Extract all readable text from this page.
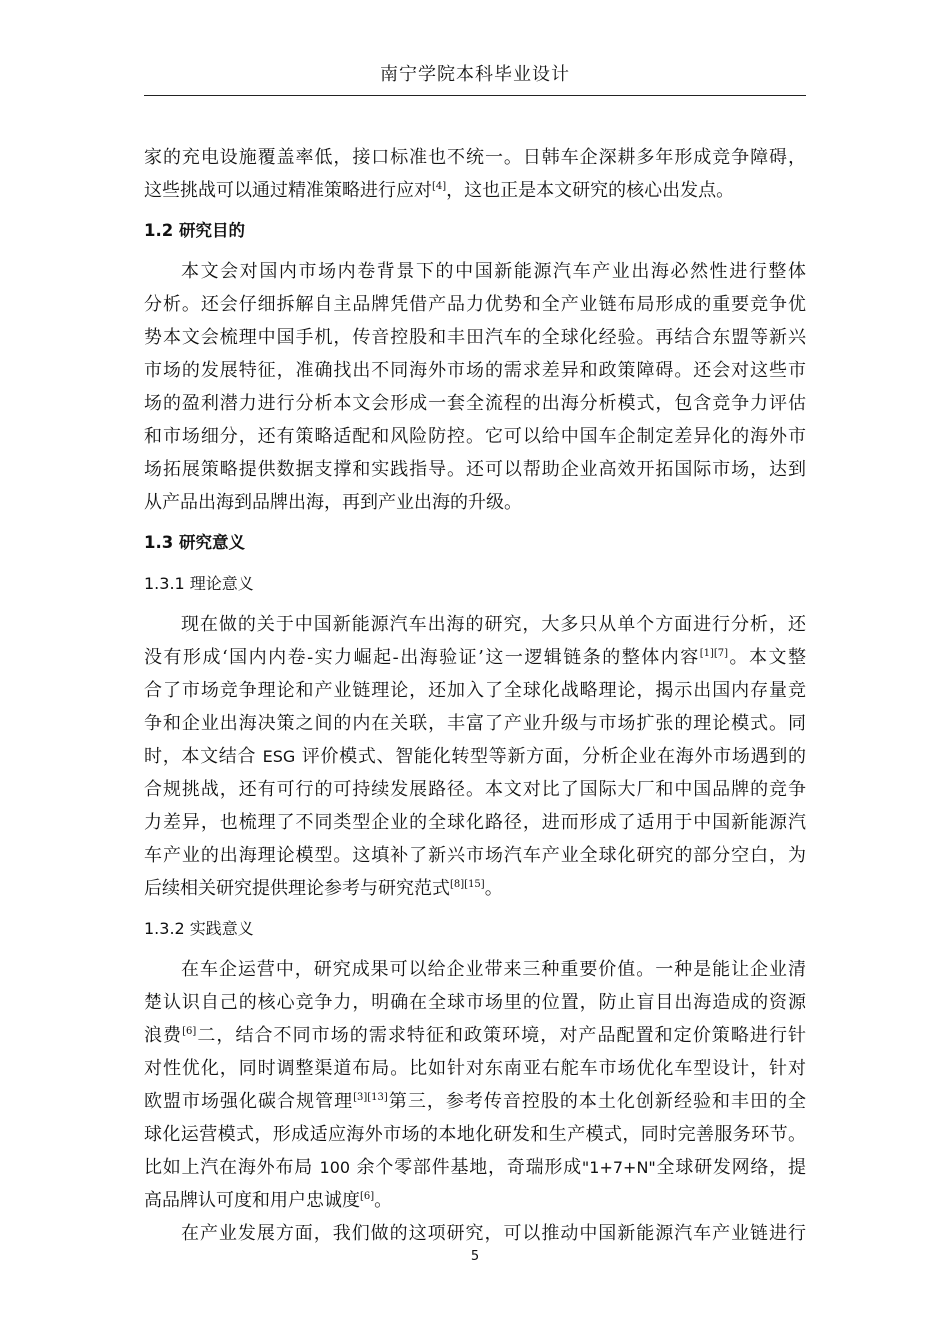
南宁学院本科毕业设计
家的充电设施覆盖率低，接口标准也不统一。日韩车企深耕多年形成竞争障碍，
这些挑战可以通过精准策略进行应对[4]，这也正是本文研究的核心出发点。
1.2 研究目的
本文会对国内市场内卷背景下的中国新能源汽车产业出海必然性进行整体
分析。还会仔细拆解自主品牌凭借产品力优势和全产业链布局形成的重要竞争优
势本文会梳理中国手机，传音控股和丰田汽车的全球化经验。再结合东盟等新兴
市场的发展特征，准确找出不同海外市场的需求差异和政策障碍。还会对这些市
场的盈利潜力进行分析本文会形成一套全流程的出海分析模式，包含竞争力评估
和市场细分，还有策略适配和风险防控。它可以给中国车企制定差异化的海外市
场拓展策略提供数据支撑和实践指导。还可以帮助企业高效开拓国际市场，达到
从产品出海到品牌出海，再到产业出海的升级。
1.3 研究意义
1.3.1 理论意义
现在做的关于中国新能源汽车出海的研究，大多只从单个方面进行分析，还
没有形成‘国内内卷-实力崛起-出海验证’这一逻辑链条的整体内容[1][7]。本文整
合了市场竞争理论和产业链理论，还加入了全球化战略理论，揭示出国内存量竞
争和企业出海决策之间的内在关联，丰富了产业升级与市场扩张的理论模式。同
时，本文结合 ESG 评价模式、智能化转型等新方面，分析企业在海外市场遇到的
合规挑战，还有可行的可持续发展路径。本文对比了国际大厂和中国品牌的竞争
力差异，也梳理了不同类型企业的全球化路径，进而形成了适用于中国新能源汽
车产业的出海理论模型。这填补了新兴市场汽车产业全球化研究的部分空白，为
后续相关研究提供理论参考与研究范式[8][15]。
1.3.2 实践意义
在车企运营中，研究成果可以给企业带来三种重要价值。一种是能让企业清
楚认识自己的核心竞争力，明确在全球市场里的位置，防止盲目出海造成的资源
浪费[6]二，结合不同市场的需求特征和政策环境，对产品配置和定价策略进行针
对性优化，同时调整渠道布局。比如针对东南亚右舵车市场优化车型设计，针对
欧盟市场强化碳合规管理[3][13]第三，参考传音控股的本土化创新经验和丰田的全
球化运营模式，形成适应海外市场的本地化研发和生产模式，同时完善服务环节。
比如上汽在海外布局 100 余个零部件基地，奇瑞形成"1+7+N"全球研发网络，提
高品牌认可度和用户忠诚度[6]。
在产业发展方面，我们做的这项研究，可以推动中国新能源汽车产业链进行
5
